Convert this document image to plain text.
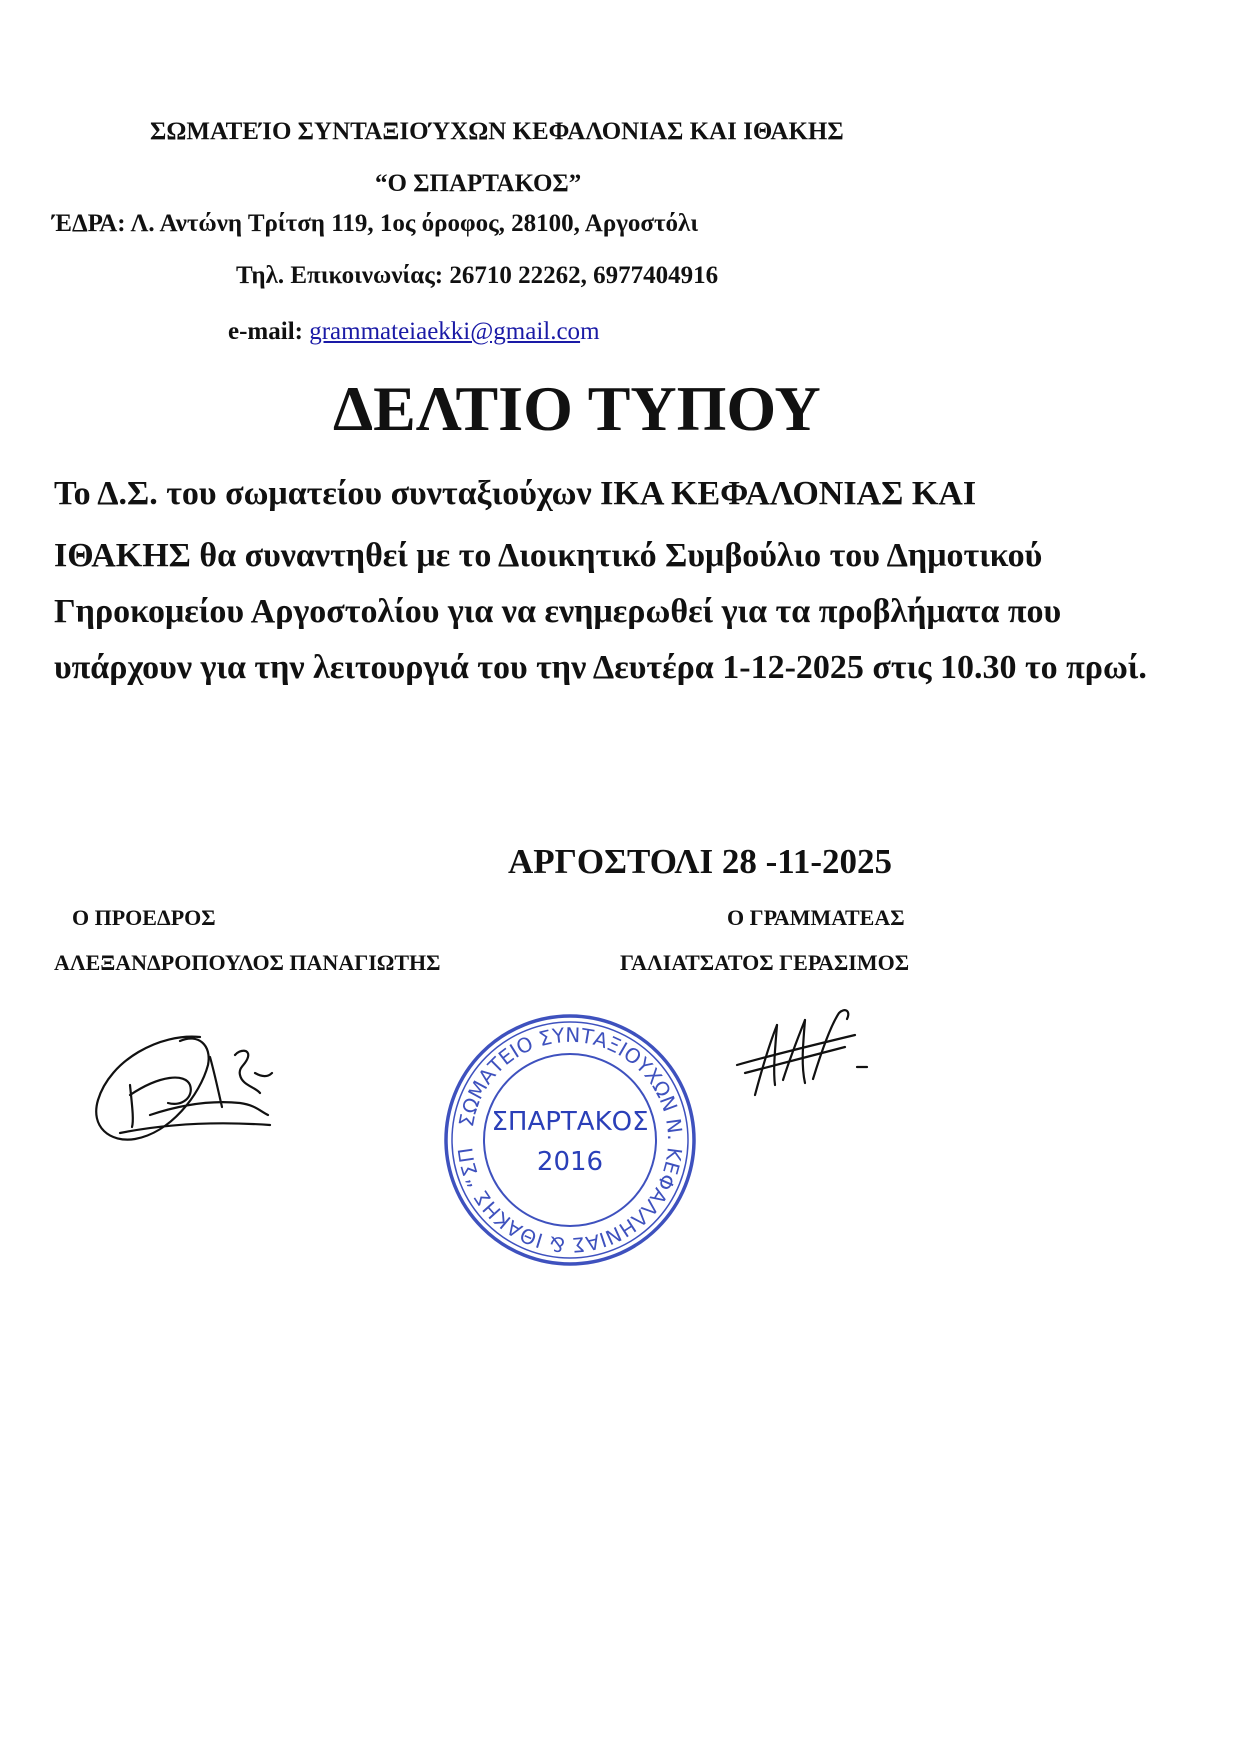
ΣΩΜΑΤΕΊΟ ΣΥΝΤΑΞΙΟΎΧΩΝ ΚΕΦΑΛΟΝΙΑΣ ΚΑΙ ΙΘΑΚΗΣ
“Ο ΣΠΑΡΤΑΚΟΣ”
ΈΔΡΑ: Λ. Αντώνη Τρίτση 119, 1ος όροφος, 28100, Αργοστόλι
Τηλ. Επικοινωνίας: 26710 22262, 6977404916
e-mail: grammateiaekki@gmail.com
ΔΕΛΤΙΟ ΤΥΠΟΥ

Το Δ.Σ. του σωματείου συνταξιούχων ΙΚΑ ΚΕΦΑΛΟΝΙΑΣ ΚΑΙ

ΙΘΑΚΗΣ θα συναντηθεί με το Διοικητικό Συμβούλιο του Δημοτικού Γηροκομείου Αργοστολίου για να ενημερωθεί για τα προβλήματα που υπάρχουν για την λειτουργιά του την Δευτέρα 1-12-2025 στις 10.30 το πρωί.

ΑΡΓΟΣΤΟΛΙ 28 -11-2025
Ο ΠΡΟΕΔΡΟΣ	Ο ΓΡΑΜΜΑΤΕΑΣ
ΑΛΕΞΑΝΔΡΟΠΟΥΛΟΣ ΠΑΝΑΓΙΩΤΗΣ	ΓΑΛΙΑΤΣΑΤΟΣ ΓΕΡΑΣΙΜΟΣ
ΣΩΜΑΤΕΙΟ ΣΥΝΤΑΞΙΟΥΧΩΝ Ν. ΚΕΦΑΛΛΗΝΙΑΣ & ΙΘΑΚΗΣ “ΣΠ
ΣΠΑΡΤΑΚΟΣ
2016
